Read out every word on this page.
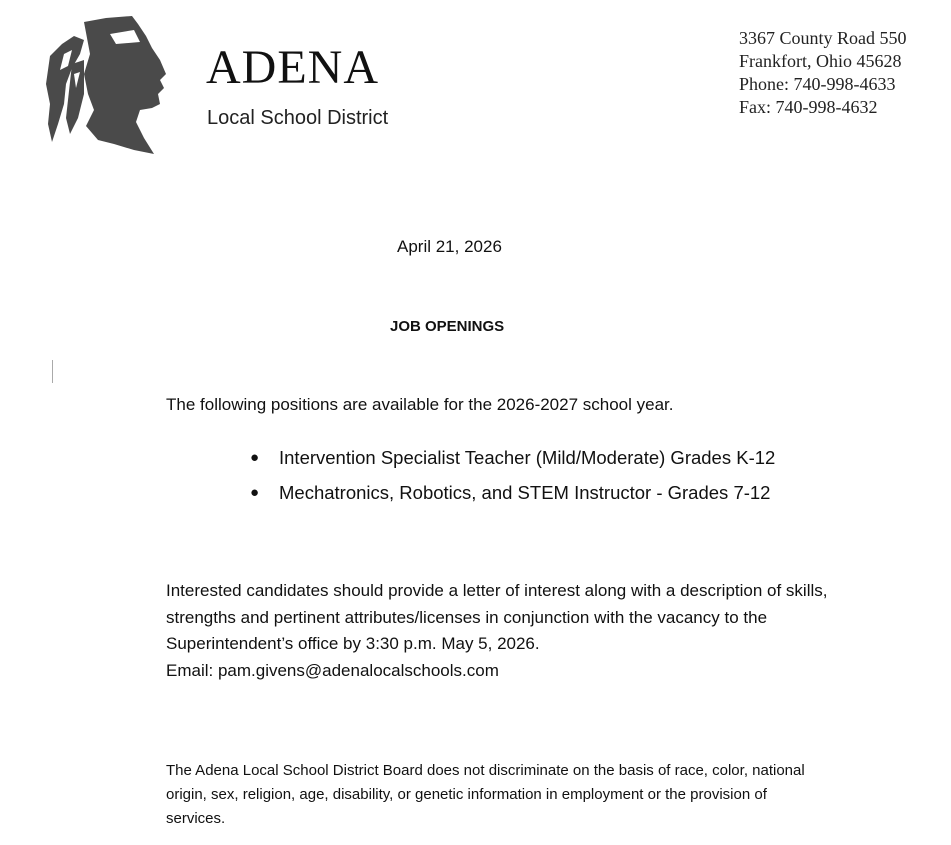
ADENA
Local School District
3367 County Road 550
Frankfort, Ohio 45628
Phone: 740-998-4633
Fax: 740-998-4632
April 21, 2026
JOB OPENINGS
The following positions are available for the 2026-2027 school year.
● Intervention Specialist Teacher (Mild/Moderate) Grades K-12
● Mechatronics, Robotics, and STEM Instructor - Grades 7-12
Interested candidates should provide a letter of interest along with a description of skills,
strengths and pertinent attributes/licenses in conjunction with the vacancy to the
Superintendent’s office by 3:30 p.m. May 5, 2026.
Email: pam.givens@adenalocalschools.com
The Adena Local School District Board does not discriminate on the basis of race, color, national
origin, sex, religion, age, disability, or genetic information in employment or the provision of
services.
